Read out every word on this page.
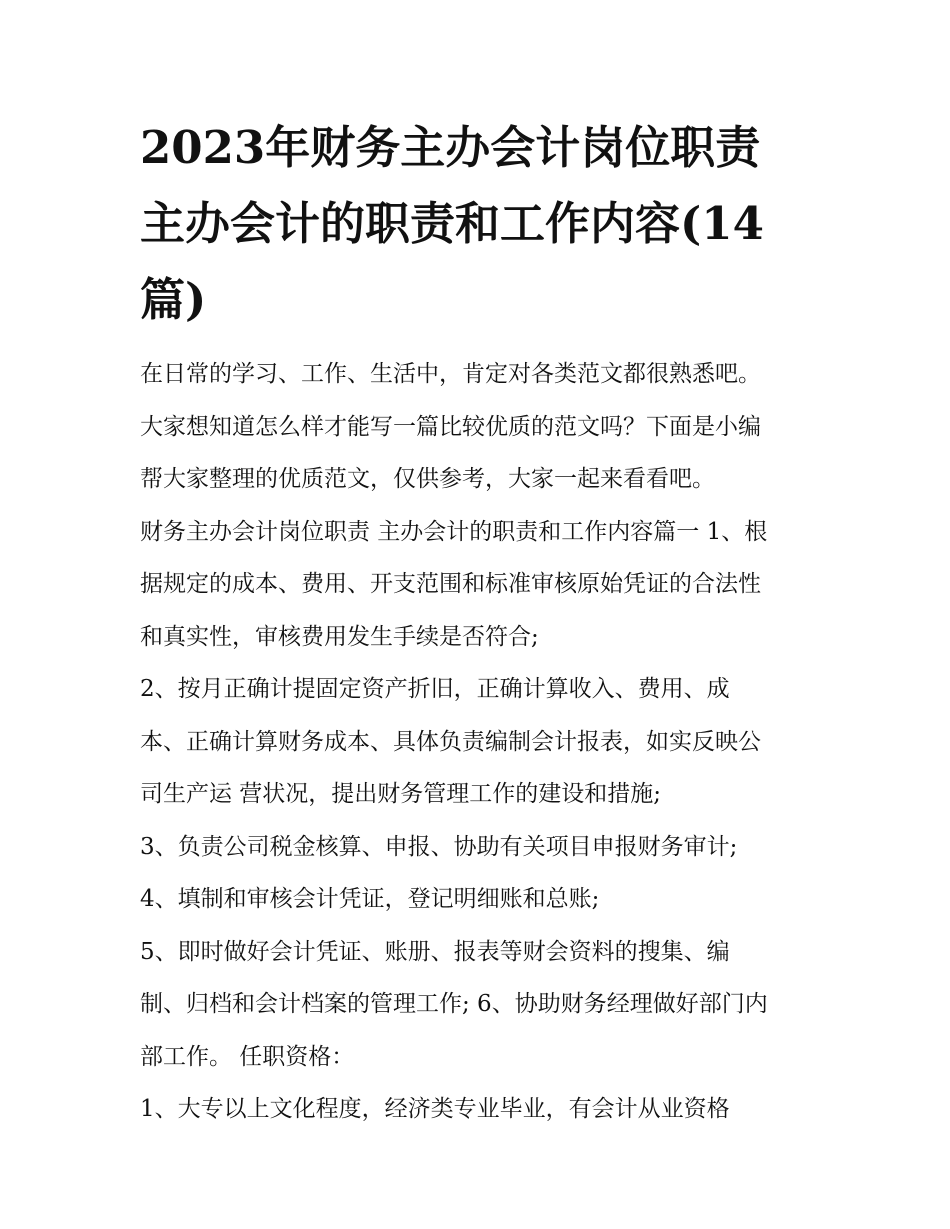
2023年财务主办会计岗位职责
主办会计的职责和工作内容(14
篇)
在日常的学习、工作、生活中，肯定对各类范文都很熟悉吧。
大家想知道怎么样才能写一篇比较优质的范文吗？下面是小编
帮大家整理的优质范文，仅供参考，大家一起来看看吧。
财务主办会计岗位职责 主办会计的职责和工作内容篇一 1、根
据规定的成本、费用、开支范围和标准审核原始凭证的合法性
和真实性，审核费用发生手续是否符合;
2、按月正确计提固定资产折旧，正确计算收入、费用、成
本、正确计算财务成本、具体负责编制会计报表，如实反映公
司生产运 营状况，提出财务管理工作的建设和措施;
3、负责公司税金核算、申报、协助有关项目申报财务审计;
4、填制和审核会计凭证，登记明细账和总账;
5、即时做好会计凭证、账册、报表等财会资料的搜集、编
制、归档和会计档案的管理工作; 6、协助财务经理做好部门内
部工作。 任职资格：
1、大专以上文化程度，经济类专业毕业，有会计从业资格
